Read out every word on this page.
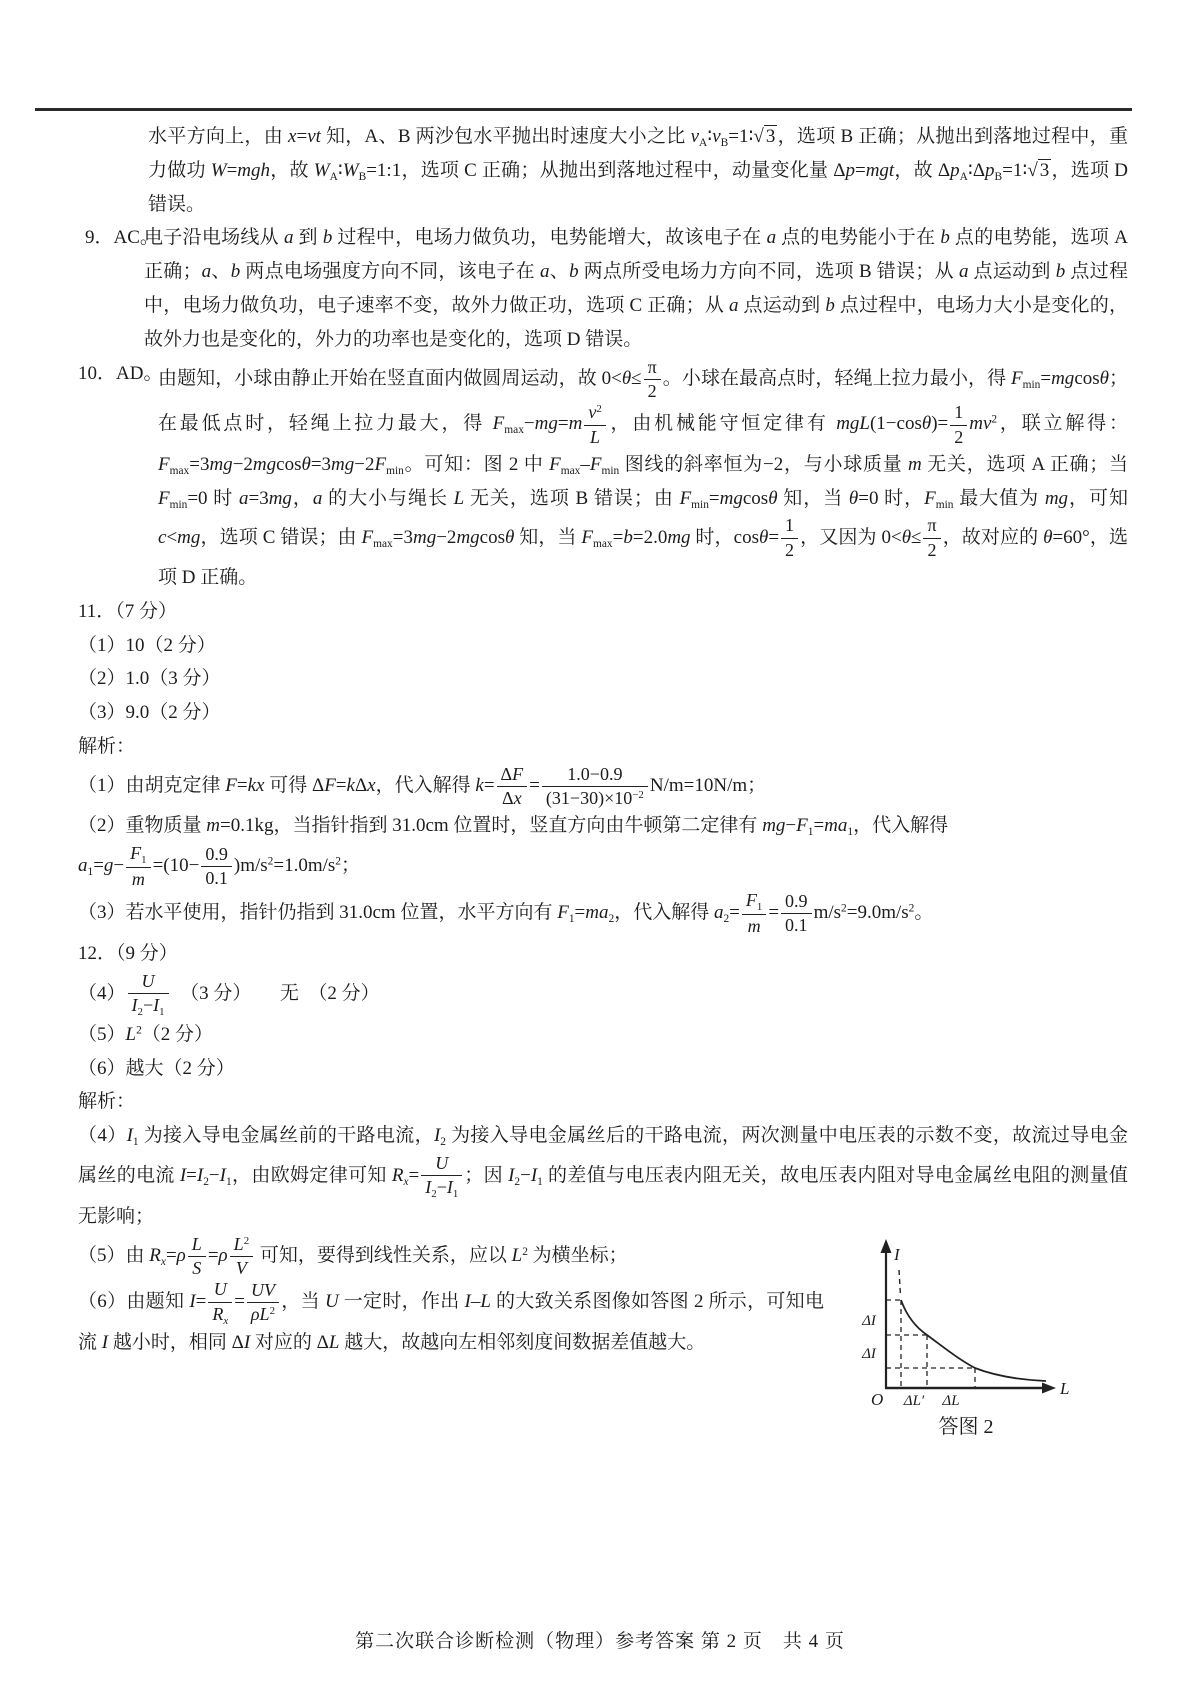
水平方向上，由 x=vt 知，A、B 两沙包水平抛出时速度大小之比 $v_A∶v_B=1∶√$ 3 ，选项 B 正确；从抛出到落地过程中，重力做功 W=mgh，故 $W_A∶W_B=1:1$，选项 C 正确；从抛出到落地过程中，动量变化量 Δp=mgt，故 $\Delta p_A∶\Delta p_B=1∶√$ 3 ，选项 D 错误。

9．AC。
电子沿电场线从 a 到 b 过程中，电场力做负功，电势能增大，故该电子在 a 点的电势能小于在 b 点的电势能，选项 A 正确；a、b 两点电场强度方向不同，该电子在 a、b 两点所受电场力方向不同，选项 B 错误；从 a 点运动到 b 点过程中，电场力做负功，电子速率不变，故外力做正功，选项 C 正确；从 a 点运动到 b 点过程中，电场力大小是变化的，故外力也是变化的，外力的功率也是变化的，选项 D 错误。

10．AD。
由题知，小球由静止开始在竖直面内做圆周运动，故 $0<\theta\le \frac{\pi}{2}$ 。小球在最高点时，轻绳上拉力最小，得 $F_{min}=mgcos\theta$；在最低点时，轻绳上拉力最大，得 $F_{max}-mg=m \frac{v^2}{L}$ ，由机械能守恒定律有 $mgL(1-\cos\theta)= \frac{1}{2} mv^2$，联立解得：$F_{max}=3mg-2mgcos\theta=3mg-2F_{min}$。可知：图 2 中 $F_{max}-F_{min}$ 图线的斜率恒为−2，与小球质量 m 无关，选项 A 正确；当 $F_{min}=0$ 时 a=3mg，a 的大小与绳长 L 无关，选项 B 错误；由 $F_{min}=mgcos\theta$ 知，当 θ=0 时，$F_{min}$ 最大值为 mg，可知 c<mg，选项 C 错误；由 $F_{max}=3mg-2mgcos\theta$ 知，当 $F_{max}=b=2.0mg$ 时，$\cos\theta= \frac{1}{2}$ ，又因为 $0<\theta\le \frac{\pi}{2}$ ，故对应的 θ=60°，选项 D 正确。

11．（7 分）

（1）10（2 分）

（2）1.0（3 分）

（3）9.0（2 分）

解析：

（1）由胡克定律 F=kx 可得 ΔF=kΔx，代入解得 $k= \frac{\Delta F}{\Delta x} = \frac{1.0-0.9}{(31-30)\times 10^{-2}} N/m=10N/m$；

（2）重物质量 m=0.1kg，当指针指到 31.0cm 位置时，竖直方向由牛顿第二定律有 $mg-F_1=ma_1$，代入解得

$a_1=g- \frac{F_1}{m} =(10- \frac{0.9}{0.1} )m/s^2=1.0m/s^2$；

（3）若水平使用，指针仍指到 31.0cm 位置，水平方向有 $F_1=ma_2$，代入解得 $a_2= \frac{F_1}{m} = \frac{0.9}{0.1} m/s^2=9.0m/s^2$。

12．（9 分）

$(4) \frac{U}{I_2-I_1}$ 　（3 分）　　无　（2 分）

$(5)L^2(2$ 分）

（6）越大（2 分）

解析：

$(4)I_1$ 为接入导电金属丝前的干路电流，$I_2$ 为接入导电金属丝后的干路电流，两次测量中电压表的示数不变，故流过导电金属丝的电流 $I=I_2-I_1$，由欧姆定律可知 $R_x= \frac{U}{I_2-I_1}$ ；因 $I_2-I_1$ 的差值与电压表内阻无关，故电压表内阻对导电金属丝电阻的测量值无影响；

I
L
O
ΔI
ΔI
ΔL′ ΔL
答图 2

（5）由 $R_x=\rho \frac{L}{S} =\rho \frac{L^2}{V}$ 可知，要得到线性关系，应以 $L^2$ 为横坐标；

（6）由题知 $I= \frac{U}{R_x} = \frac{UV}{\rho L^2}$ ，当 U 一定时，作出 I–L 的大致关系图像如答图 2 所示，可知电流 I 越小时，相同 ΔI 对应的 ΔL 越大，故越向左相邻刻度间数据差值越大。

第二次联合诊断检测（物理）参考答案 第 2 页　共 4 页
